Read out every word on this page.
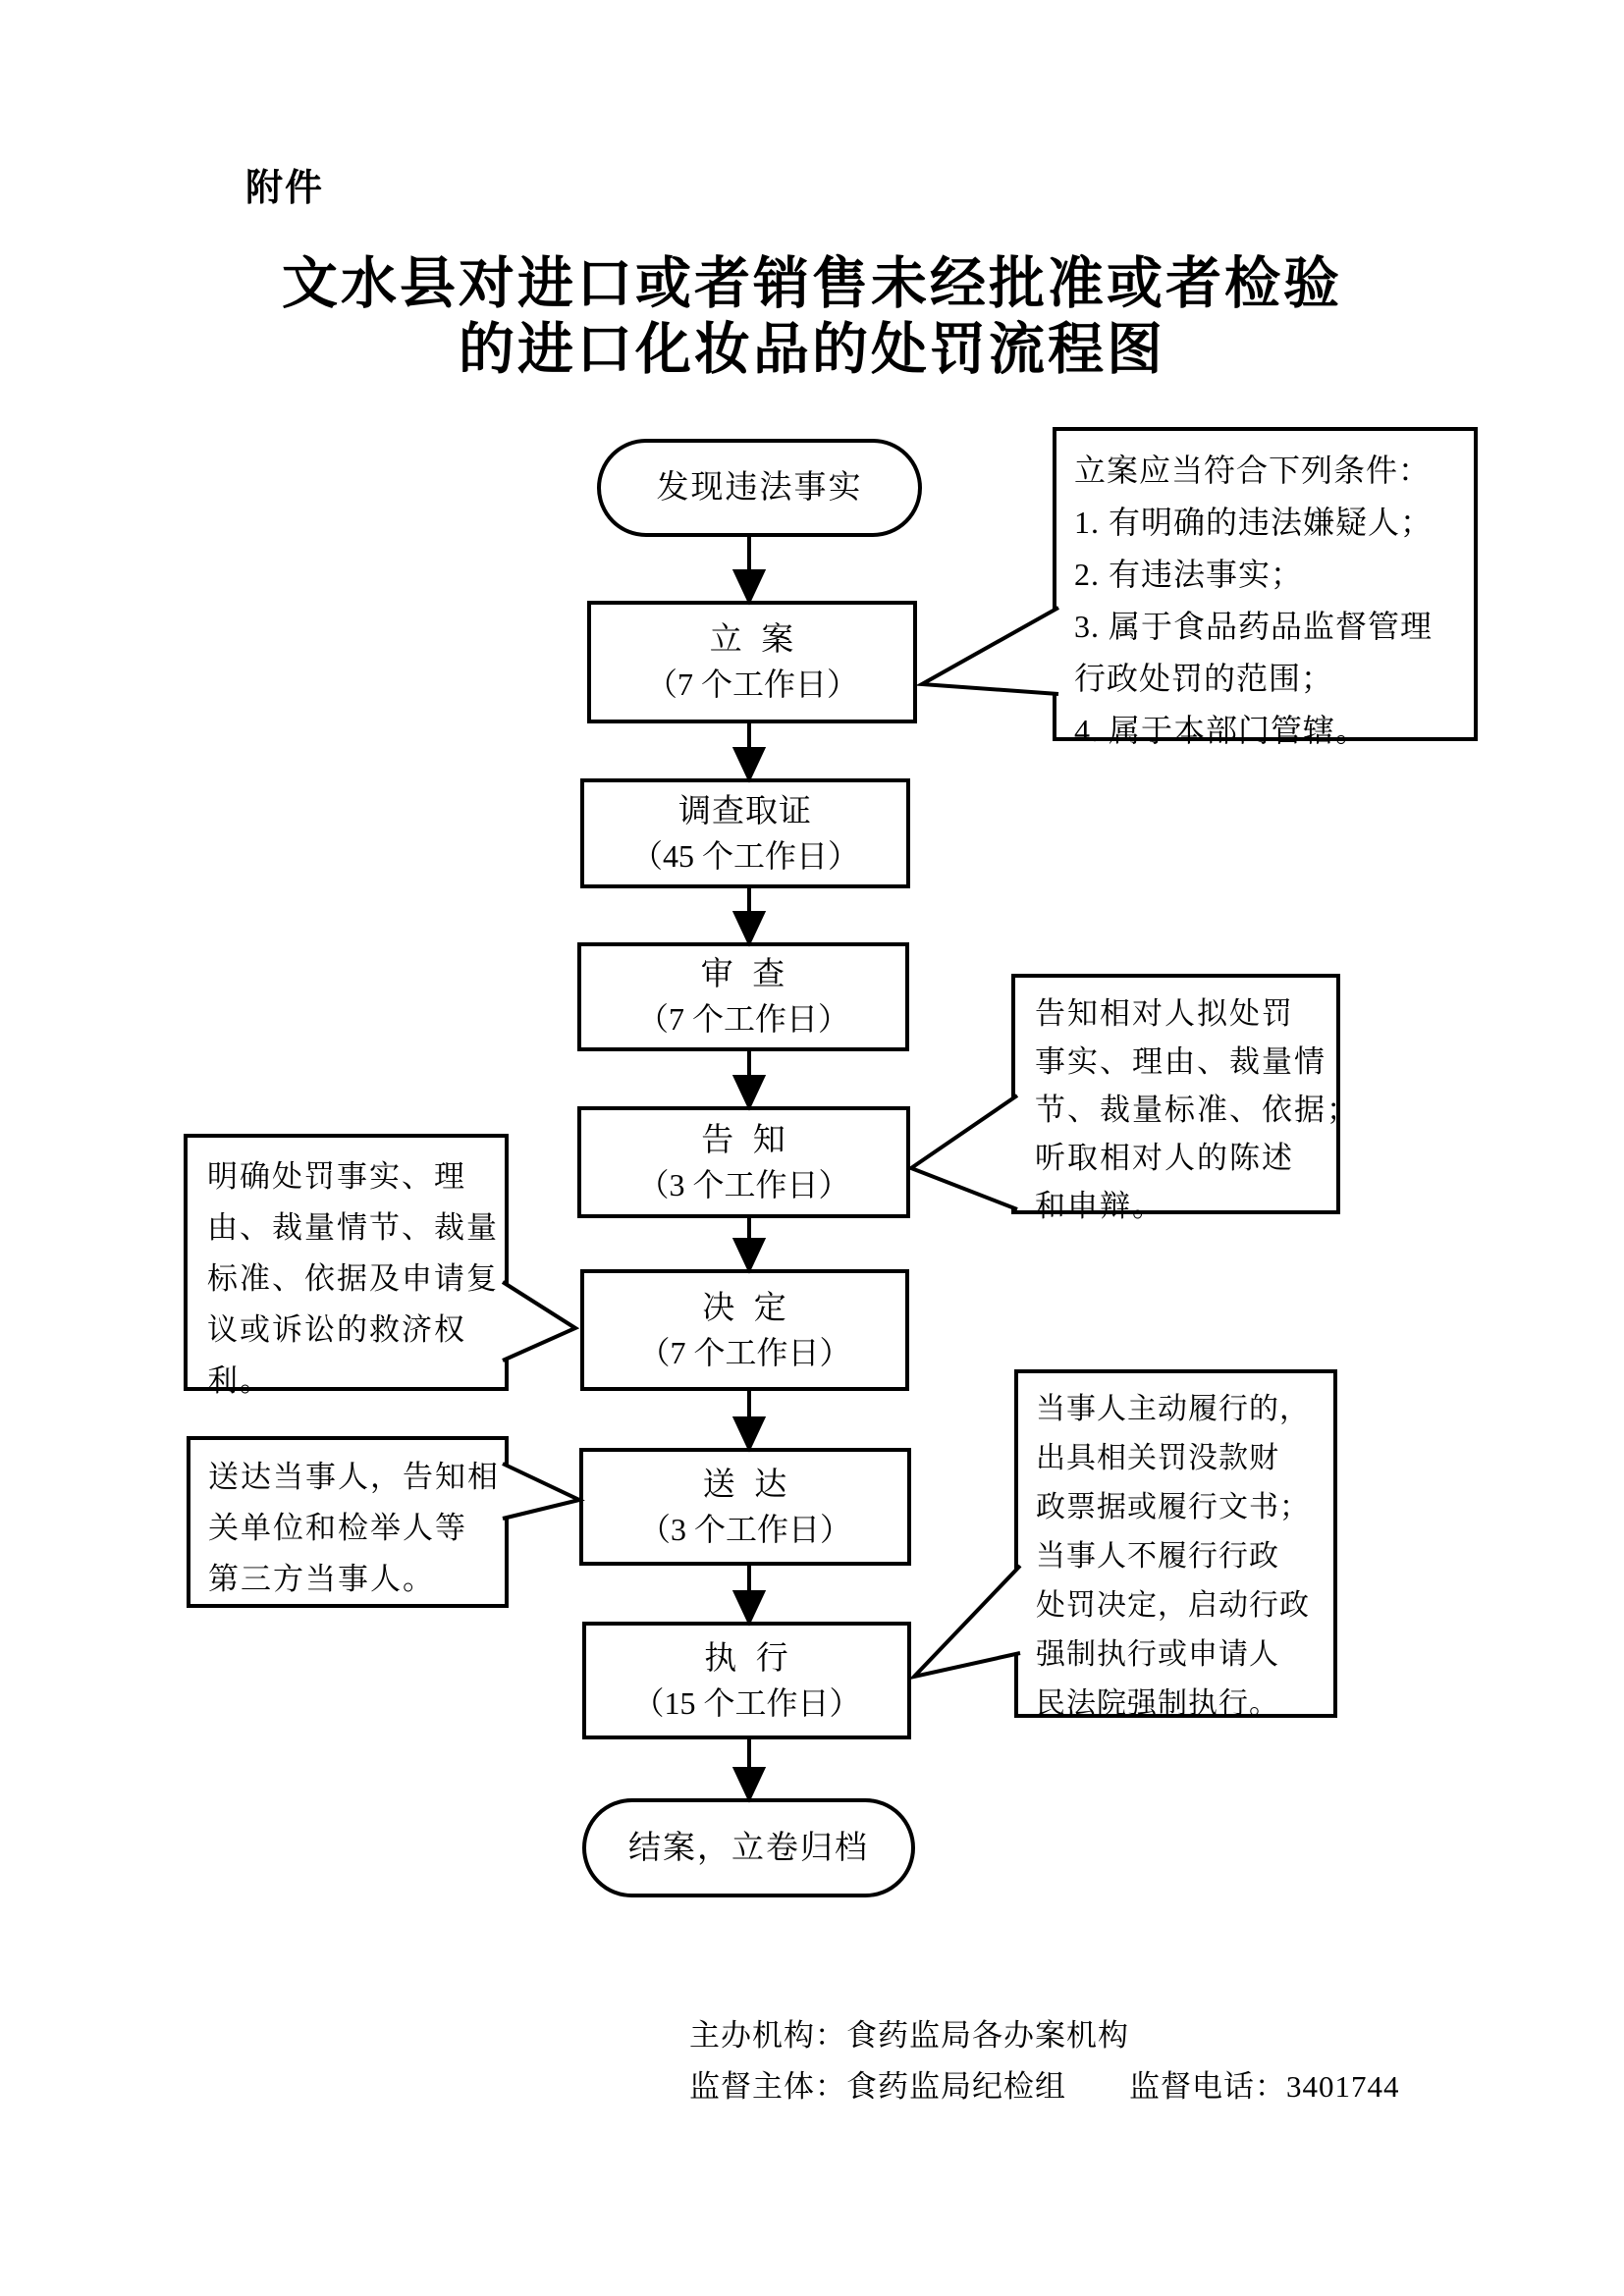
附件
文水县对进口或者销售未经批准或者检验
的进口化妆品的处罚流程图
发现违法事实
立  案
（7 个工作日）
调查取证
（45 个工作日）
审  查
（7 个工作日）
告  知
（3 个工作日）
决  定
（7 个工作日）
送  达
（3 个工作日）
执  行
（15 个工作日）
结案，立卷归档
立案应当符合下列条件：
1. 有明确的违法嫌疑人；
2. 有违法事实；
3. 属于食品药品监督管理
行政处罚的范围；
4. 属于本部门管辖。
告知相对人拟处罚
事实、理由、裁量情
节、裁量标准、依据；
听取相对人的陈述
和申辩。
明确处罚事实、理
由、裁量情节、裁量
标准、依据及申请复
议或诉讼的救济权
利。
送达当事人，告知相
关单位和检举人等
第三方当事人。
当事人主动履行的，
出具相关罚没款财
政票据或履行文书；
当事人不履行行政
处罚决定，启动行政
强制执行或申请人
民法院强制执行。
主办机构：食药监局各办案机构
监督主体：食药监局纪检组　　监督电话：3401744
